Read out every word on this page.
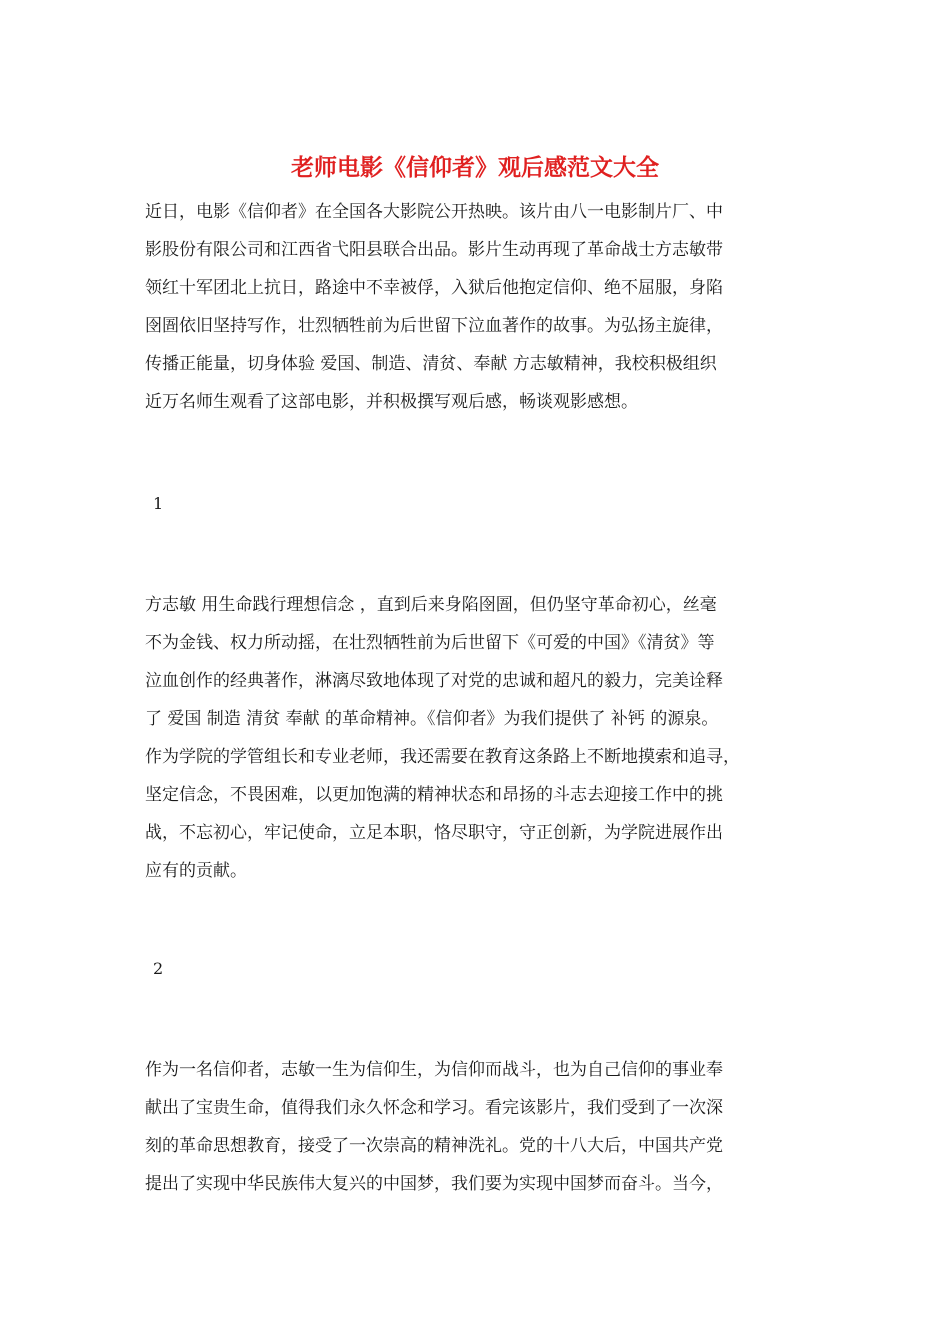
老师电影《信仰者》观后感范文大全
近日，电影《信仰者》在全国各大影院公开热映。该片由八一电影制片厂、中
影股份有限公司和江西省弋阳县联合出品。影片生动再现了革命战士方志敏带
领红十军团北上抗日，路途中不幸被俘，入狱后他抱定信仰、绝不屈服，身陷
囹圄依旧坚持写作，壮烈牺牲前为后世留下泣血著作的故事。为弘扬主旋律，
传播正能量，切身体验 爱国、制造、清贫、奉献 方志敏精神，我校积极组织
近万名师生观看了这部电影，并积极撰写观后感，畅谈观影感想。
1
方志敏 用生命践行理想信念 ，直到后来身陷囹圄，但仍坚守革命初心，丝毫
不为金钱、权力所动摇，在壮烈牺牲前为后世留下《可爱的中国》《清贫》等
泣血创作的经典著作，淋漓尽致地体现了对党的忠诚和超凡的毅力，完美诠释
了 爱国 制造 清贫 奉献 的革命精神。《信仰者》为我们提供了 补钙 的源泉。
作为学院的学管组长和专业老师，我还需要在教育这条路上不断地摸索和追寻，
坚定信念，不畏困难，以更加饱满的精神状态和昂扬的斗志去迎接工作中的挑
战，不忘初心，牢记使命，立足本职，恪尽职守，守正创新，为学院进展作出
应有的贡献。
2
作为一名信仰者，志敏一生为信仰生，为信仰而战斗，也为自己信仰的事业奉
献出了宝贵生命，值得我们永久怀念和学习。看完该影片，我们受到了一次深
刻的革命思想教育，接受了一次崇高的精神洗礼。党的十八大后，中国共产党
提出了实现中华民族伟大复兴的中国梦，我们要为实现中国梦而奋斗。当今，
